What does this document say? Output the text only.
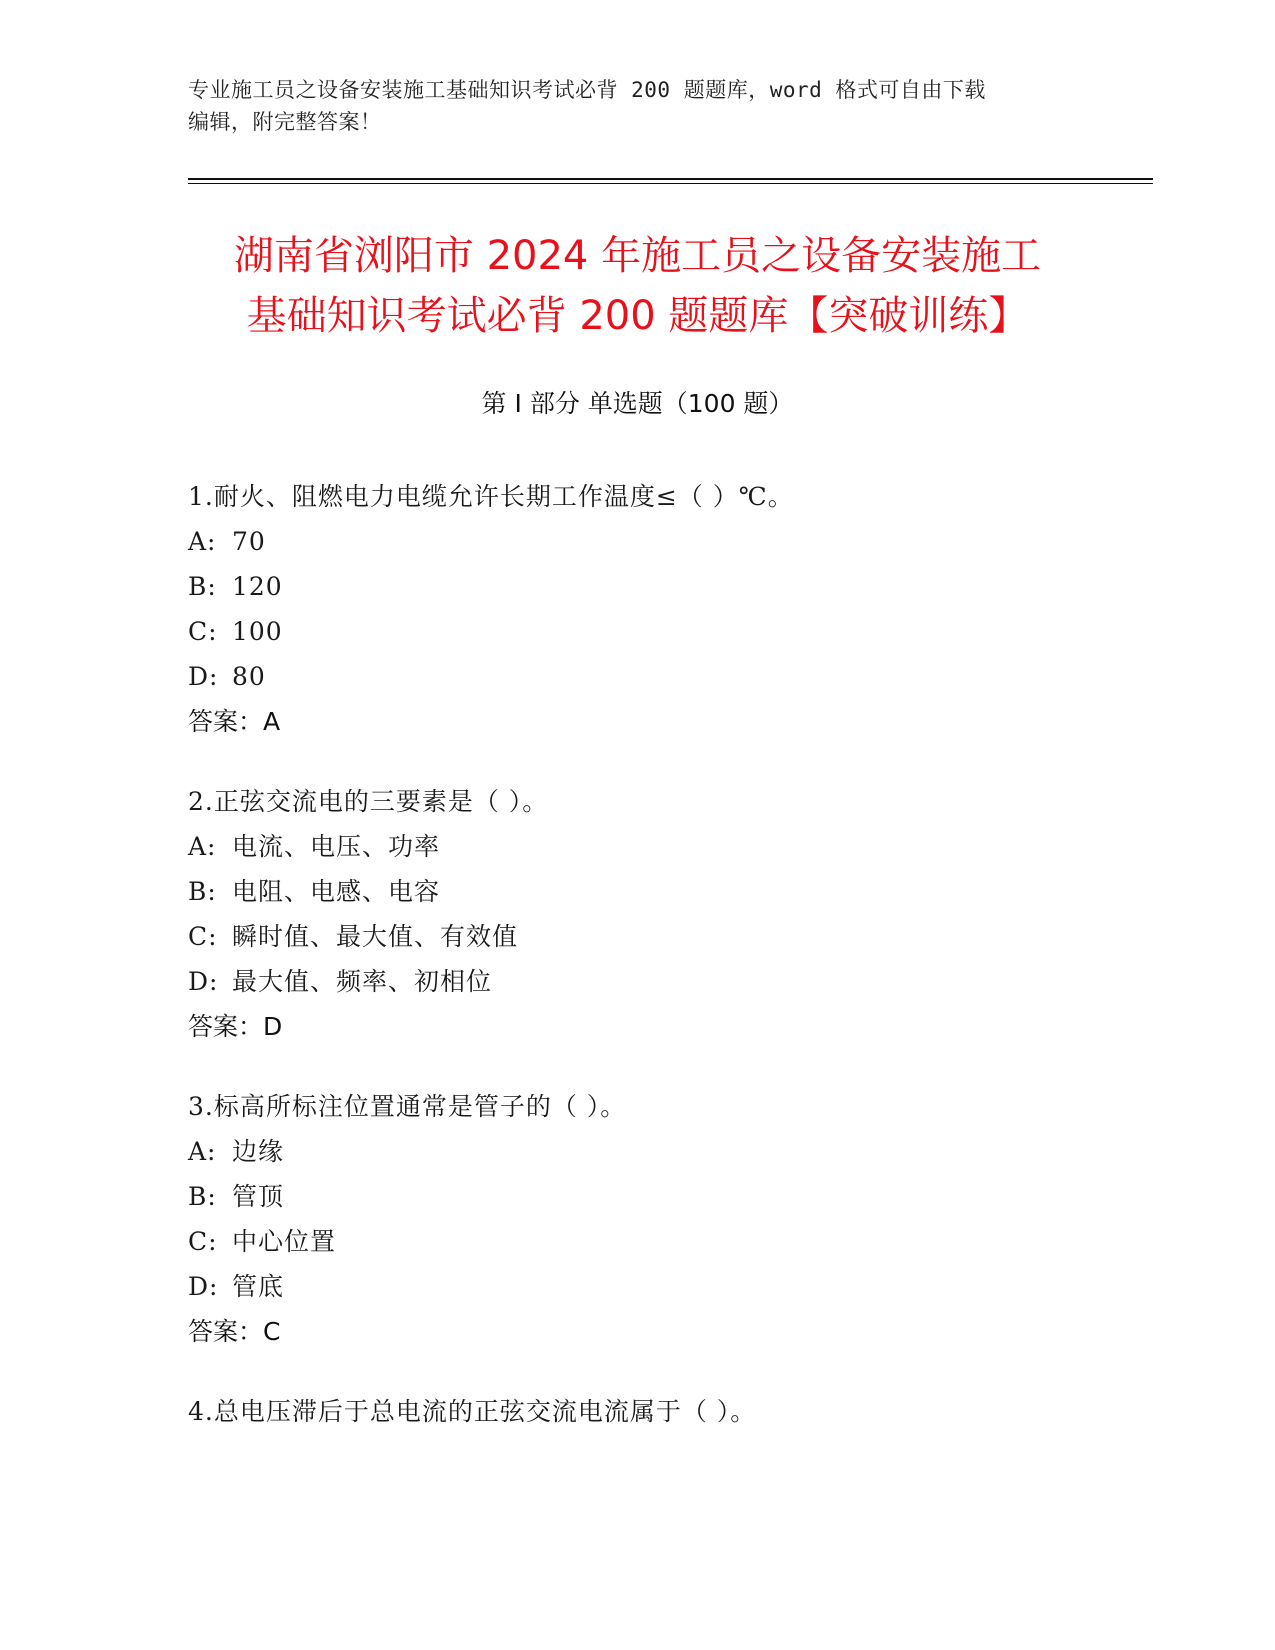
专业施工员之设备安装施工基础知识考试必背 200 题题库，word 格式可自由下载
编辑，附完整答案！
湖南省浏阳市 2024 年施工员之设备安装施工
基础知识考试必背 200 题题库【突破训练】
第 I 部分 单选题（100 题）
1.耐火、阻燃电力电缆允许长期工作温度≤（ ）℃。
A: 70
B: 120
C: 100
D: 80
答案：A
2.正弦交流电的三要素是（ ）。
A: 电流、电压、功率
B: 电阻、电感、电容
C: 瞬时值、最大值、有效值
D: 最大值、频率、初相位
答案：D
3.标高所标注位置通常是管子的（ ）。
A: 边缘
B: 管顶
C: 中心位置
D: 管底
答案：C
4.总电压滞后于总电流的正弦交流电流属于（ ）。
